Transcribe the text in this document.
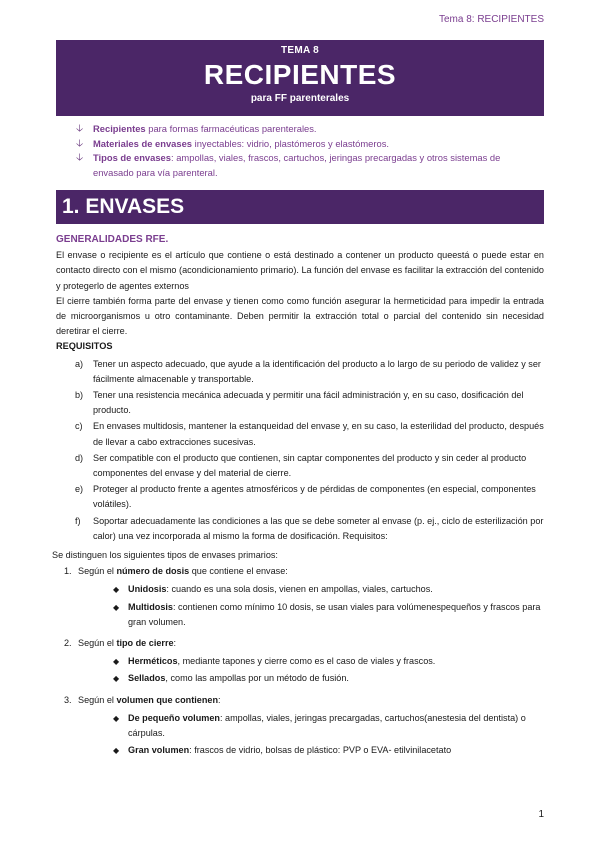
Tema 8: RECIPIENTES
TEMA 8
RECIPIENTES
para FF parenterales
🡣 Recipientes para formas farmacéuticas parenterales.
🡣 Materiales de envases inyectables: vidrio, plastómeros y elastómeros.
🡣 Tipos de envases: ampollas, viales, frascos, cartuchos, jeringas precargadas y otros sistemas de envasado para vía parenteral.
1. ENVASES
GENERALIDADES RFE.
El envase o recipiente es el artículo que contiene o está destinado a contener un producto queestá o puede estar en contacto directo con el mismo (acondicionamiento primario). La función del envase es facilitar la extracción del contenido y protegerlo de agentes externos
El cierre también forma parte del envase y tienen como como función asegurar la hermeticidad para impedir la entrada de microorganismos u otro contaminante. Deben permitir la extracción total o parcial del contenido sin necesidad deretirar el cierre.
REQUISITOS
a) Tener un aspecto adecuado, que ayude a la identificación del producto a lo largo de su periodo de validez y ser fácilmente almacenable y transportable.
b) Tener una resistencia mecánica adecuada y permitir una fácil administración y, en su caso, dosificación del producto.
c) En envases multidosis, mantener la estanqueidad del envase y, en su caso, la esterilidad del producto, después de llevar a cabo extracciones sucesivas.
d) Ser compatible con el producto que contienen, sin captar componentes del producto y sin ceder al producto componentes del envase y del material de cierre.
e) Proteger al producto frente a agentes atmosféricos y de pérdidas de componentes (en especial, componentes volátiles).
f) Soportar adecuadamente las condiciones a las que se debe someter al envase (p. ej., ciclo de esterilización por calor) una vez incorporada al mismo la forma de dosificación. Requisitos:
Se distinguen los siguientes tipos de envases primarios:
1. Según el número de dosis que contiene el envase:
◆ Unidosis: cuando es una sola dosis, vienen en ampollas, viales, cartuchos.
◆ Multidosis: contienen como mínimo 10 dosis, se usan viales para volúmenespequeños y frascos para gran volumen.
2. Según el tipo de cierre:
◆ Herméticos, mediante tapones y cierre como es el caso de viales y frascos.
◆ Sellados, como las ampollas por un método de fusión.
3. Según el volumen que contienen:
◆ De pequeño volumen: ampollas, viales, jeringas precargadas, cartuchos(anestesia del dentista) o cárpulas.
◆ Gran volumen: frascos de vidrio, bolsas de plástico: PVP o EVA- etilvinilacetato
1
